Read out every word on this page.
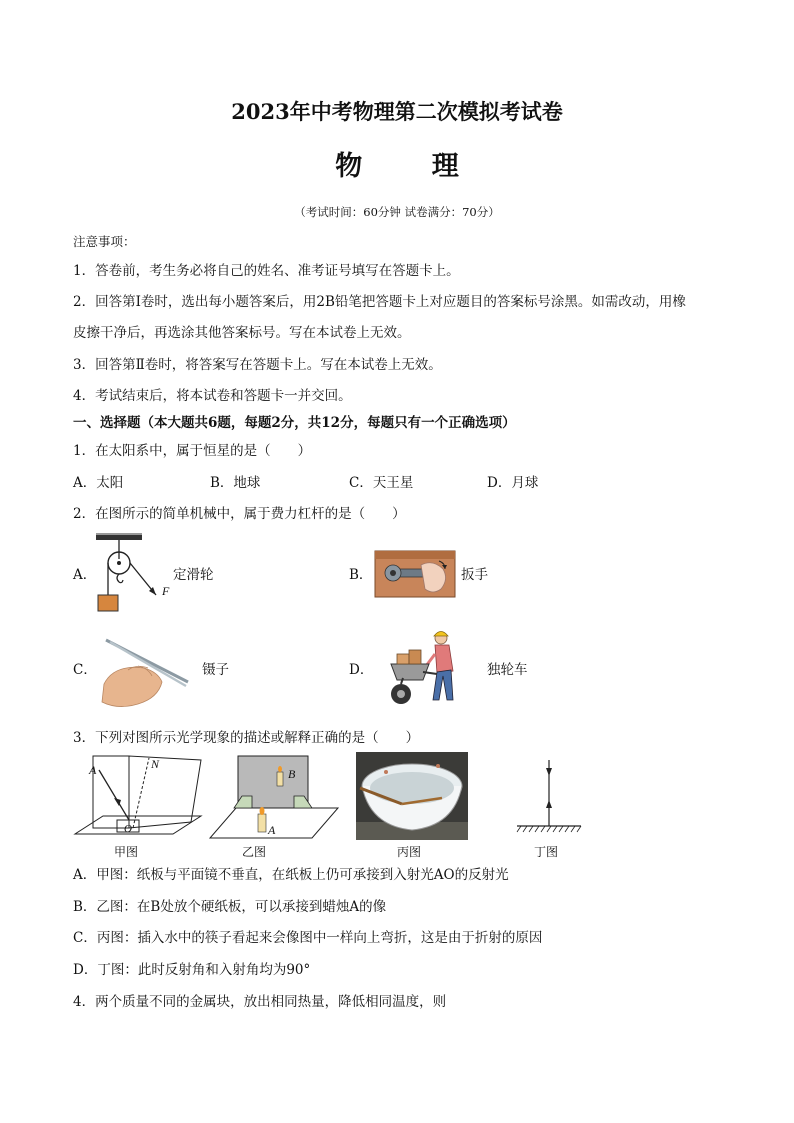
2023年中考物理第二次模拟考试卷
物 理
（考试时间：60分钟 试卷满分：70分）
注意事项：
1．答卷前，考生务必将自己的姓名、准考证号填写在答题卡上。
2．回答第Ⅰ卷时，选出每小题答案后，用2B铅笔把答题卡上对应题目的答案标号涂黑。如需改动，用橡
皮擦干净后，再选涂其他答案标号。写在本试卷上无效。
3．回答第Ⅱ卷时，将答案写在答题卡上。写在本试卷上无效。
4．考试结束后，将本试卷和答题卡一并交回。
一、选择题（本大题共6题，每题2分，共12分，每题只有一个正确选项）
1．在太阳系中，属于恒星的是（　　）
A．太阳	B．地球	C．天王星	D．月球
2．在图所示的简单机械中，属于费力杠杆的是（　　）
A．
F
定滑轮	B．	扳手
C．	镊子	D．	独轮车
3．下列对图所示光学现象的描述或解释正确的是（　　）
A	N
O
甲图
B
A
乙图	丙图	丁图
A．甲图：纸板与平面镜不垂直，在纸板上仍可承接到入射光AO的反射光
B．乙图：在B处放个硬纸板，可以承接到蜡烛A的像
C．丙图：插入水中的筷子看起来会像图中一样向上弯折，这是由于折射的原因
D．丁图：此时反射角和入射角均为90°
4．两个质量不同的金属块，放出相同热量，降低相同温度，则
